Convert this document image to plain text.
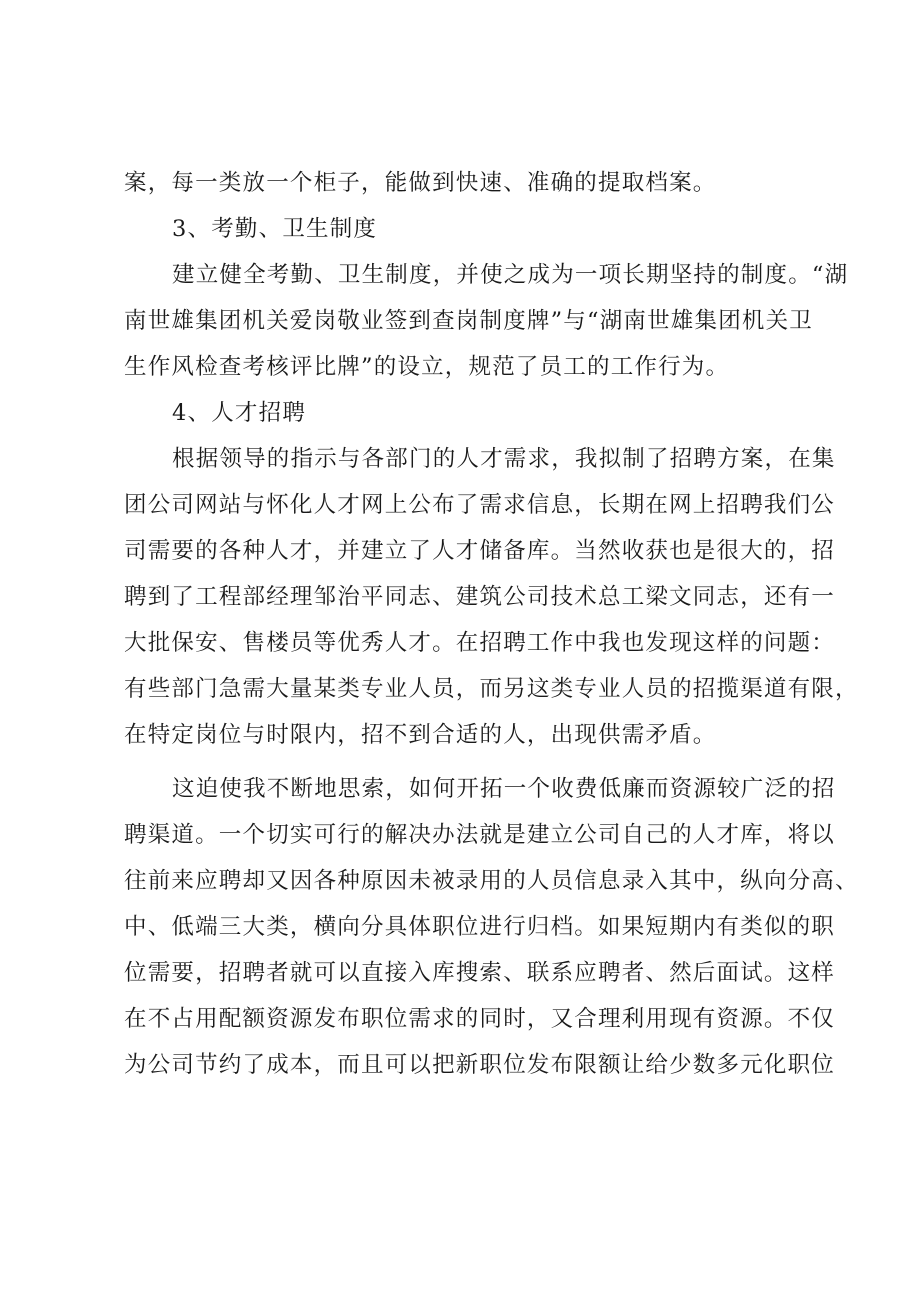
案，每一类放一个柜子，能做到快速、准确的提取档案。
3、考勤、卫生制度
建立健全考勤、卫生制度，并使之成为一项长期坚持的制度。“湖
南世雄集团机关爱岗敬业签到查岗制度牌”与“湖南世雄集团机关卫
生作风检查考核评比牌”的设立，规范了员工的工作行为。
4、人才招聘
根据领导的指示与各部门的人才需求，我拟制了招聘方案，在集
团公司网站与怀化人才网上公布了需求信息，长期在网上招聘我们公
司需要的各种人才，并建立了人才储备库。当然收获也是很大的，招
聘到了工程部经理邹治平同志、建筑公司技术总工梁文同志，还有一
大批保安、售楼员等优秀人才。在招聘工作中我也发现这样的问题：
有些部门急需大量某类专业人员，而另这类专业人员的招揽渠道有限，
在特定岗位与时限内，招不到合适的人，出现供需矛盾。
这迫使我不断地思索，如何开拓一个收费低廉而资源较广泛的招
聘渠道。一个切实可行的解决办法就是建立公司自己的人才库，将以
往前来应聘却又因各种原因未被录用的人员信息录入其中，纵向分高、
中、低端三大类，横向分具体职位进行归档。如果短期内有类似的职
位需要，招聘者就可以直接入库搜索、联系应聘者、然后面试。这样
在不占用配额资源发布职位需求的同时，又合理利用现有资源。不仅
为公司节约了成本，而且可以把新职位发布限额让给少数多元化职位
